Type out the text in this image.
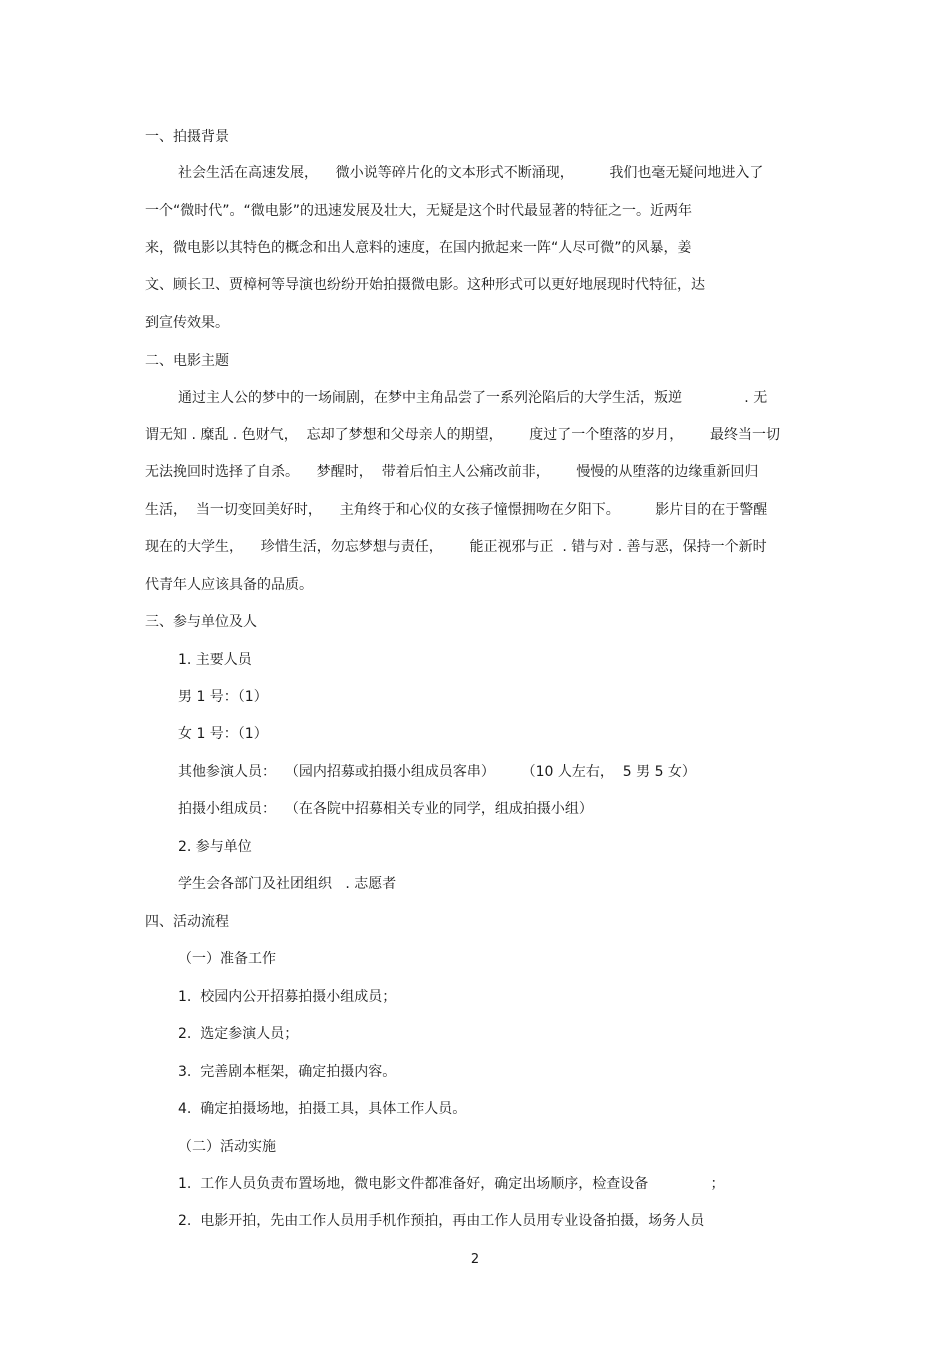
一、拍摄背景
社会生活在高速发展，    微小说等碎片化的文本形式不断涌现，        我们也毫无疑问地进入了
一个“微时代”。“微电影”的迅速发展及壮大，无疑是这个时代最显著的特征之一。近两年
来，微电影以其特色的概念和出人意料的速度，在国内掀起来一阵“人尽可微”的风暴，姜
文、顾长卫、贾樟柯等导演也纷纷开始拍摄微电影。这种形式可以更好地展现时代特征，达
到宣传效果。
二、电影主题
通过主人公的梦中的一场闹剧，在梦中主角品尝了一系列沦陷后的大学生活，叛逆              . 无
谓无知 . 糜乱 . 色财气，  忘却了梦想和父母亲人的期望，      度过了一个堕落的岁月，      最终当一切
无法挽回时选择了自杀。    梦醒时，  带着后怕主人公痛改前非，      慢慢的从堕落的边缘重新回归
生活，  当一切变回美好时，    主角终于和心仪的女孩子憧憬拥吻在夕阳下。        影片目的在于警醒
现在的大学生，    珍惜生活，勿忘梦想与责任，      能正视邪与正  . 错与对 . 善与恶，保持一个新时
代青年人应该具备的品质。
三、参与单位及人
1. 主要人员
男 1 号：（1）
女 1 号：（1）
其他参演人员：  （园内招募或拍摄小组成员客串）      （10 人左右，  5 男 5 女）
拍摄小组成员：  （在各院中招募相关专业的同学，组成拍摄小组）
2. 参与单位
学生会各部门及社团组织   . 志愿者
四、活动流程
（一）准备工作
1.  校园内公开招募拍摄小组成员；
2.  选定参演人员；
3.  完善剧本框架，确定拍摄内容。
4.  确定拍摄场地，拍摄工具，具体工作人员。
（二）活动实施
1.  工作人员负责布置场地，微电影文件都准备好，确定出场顺序，检查设备              ；
2.  电影开拍，先由工作人员用手机作预拍，再由工作人员用专业设备拍摄，场务人员
2
